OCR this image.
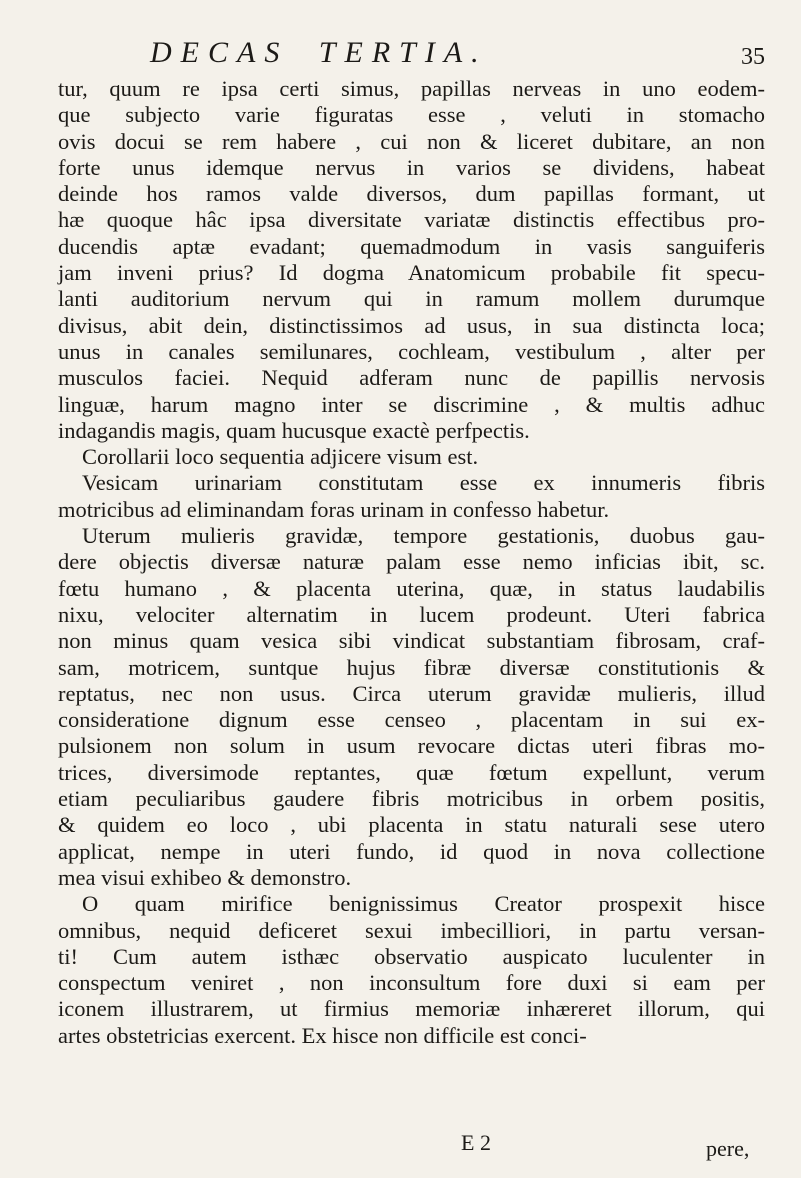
DECAS TERTIA.	35
tur, quum re ipsa certi simus, papillas nerveas in uno eodem-
que subjecto varie figuratas esse , veluti in stomacho
ovis docui se rem habere , cui non & liceret dubitare, an non
forte unus idemque nervus in varios se dividens, habeat
deinde hos ramos valde diversos, dum papillas formant, ut
hæ quoque hâc ipsa diversitate variatæ distinctis effectibus pro-
ducendis aptæ evadant; quemadmodum in vasis sanguiferis
jam inveni prius? Id dogma Anatomicum probabile fit specu-
lanti auditorium nervum qui in ramum mollem durumque
divisus, abit dein, distinctissimos ad usus, in sua distincta loca;
unus in canales semilunares, cochleam, vestibulum , alter per
musculos faciei. Nequid adferam nunc de papillis nervosis
linguæ, harum magno inter se discrimine , & multis adhuc
indagandis magis, quam hucusque exactè perfpectis.
Corollarii loco sequentia adjicere visum est.
Vesicam urinariam constitutam esse ex innumeris fibris
motricibus ad eliminandam foras urinam in confesso habetur.
Uterum mulieris gravidæ, tempore gestationis, duobus gau-
dere objectis diversæ naturæ palam esse nemo inficias ibit, sc.
fœtu humano , & placenta uterina, quæ, in status laudabilis
nixu, velociter alternatim in lucem prodeunt. Uteri fabrica
non minus quam vesica sibi vindicat substantiam fibrosam, craf-
sam, motricem, suntque hujus fibræ diversæ constitutionis &
reptatus, nec non usus. Circa uterum gravidæ mulieris, illud
consideratione dignum esse censeo , placentam in sui ex-
pulsionem non solum in usum revocare dictas uteri fibras mo-
trices, diversimode reptantes, quæ fœtum expellunt, verum
etiam peculiaribus gaudere fibris motricibus in orbem positis,
& quidem eo loco , ubi placenta in statu naturali sese utero
applicat, nempe in uteri fundo, id quod in nova collectione
mea visui exhibeo & demonstro.
O quam mirifice benignissimus Creator prospexit hisce
omnibus, nequid deficeret sexui imbecilliori, in partu versan-
ti! Cum autem isthæc observatio auspicato luculenter in
conspectum veniret , non inconsultum fore duxi si eam per
iconem illustrarem, ut firmius memoriæ inhæreret illorum, qui
artes obstetricias exercent. Ex hisce non difficile est conci-
E 2	pere,
